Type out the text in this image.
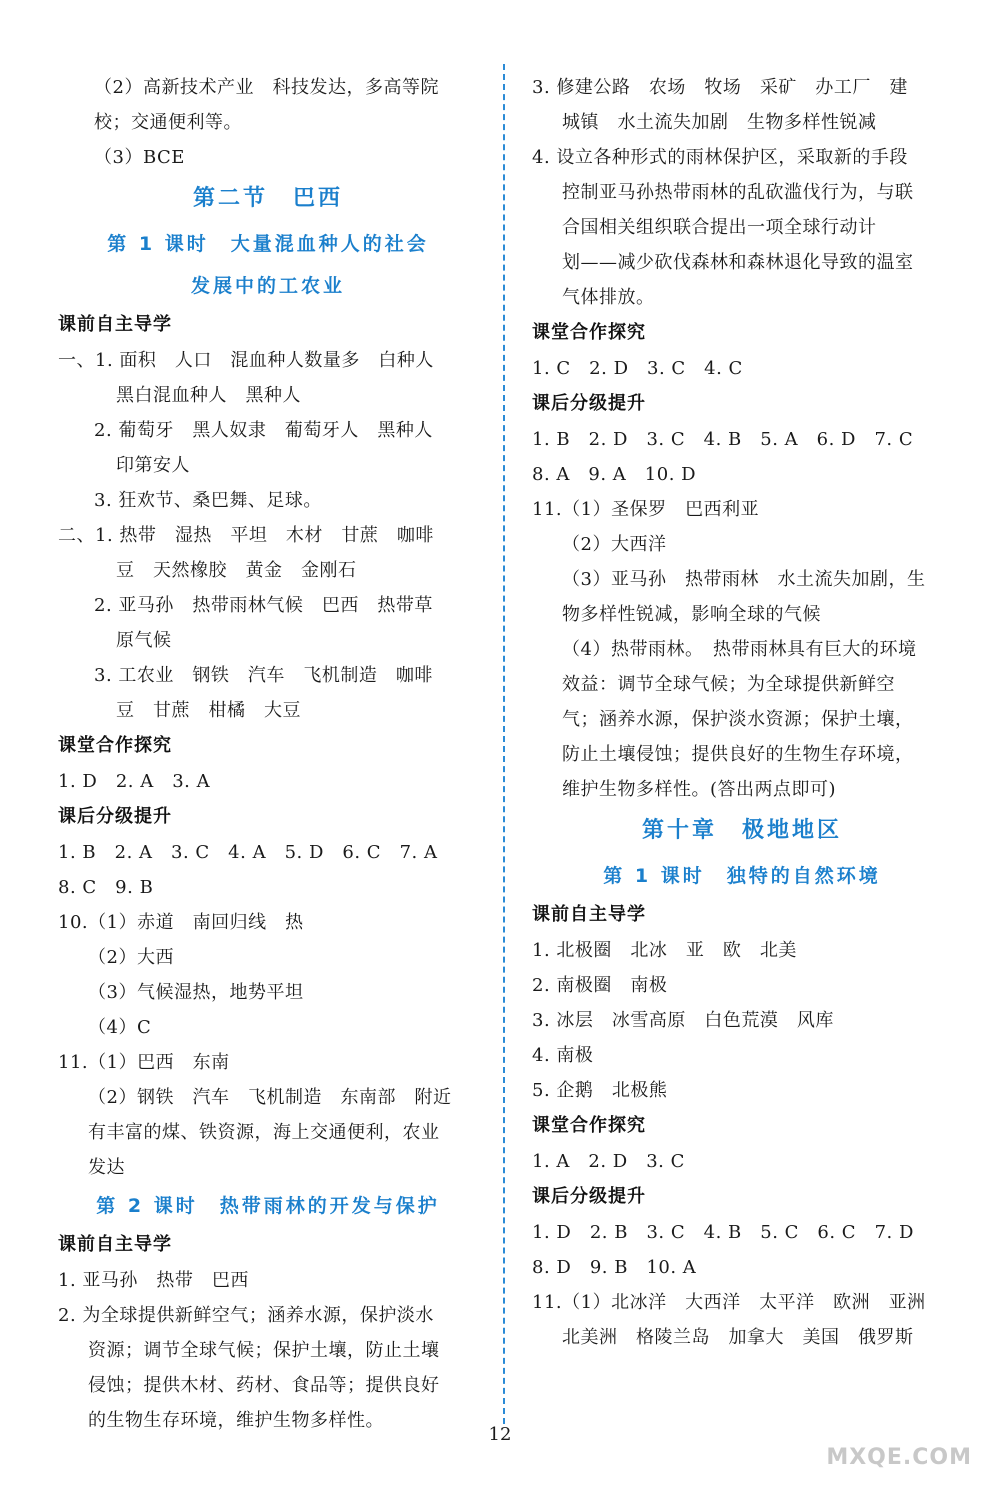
（2）高新技术产业　科技发达，多高等院
校；交通便利等。
（3）BCE
第二节　巴西
第 1 课时　大量混血种人的社会
发展中的工农业
课前自主导学
一、1. 面积　人口　混血种人数量多　白种人
黑白混血种人　黑种人
2. 葡萄牙　黑人奴隶　葡萄牙人　黑种人
印第安人
3. 狂欢节、桑巴舞、足球。
二、1. 热带　湿热　平坦　木材　甘蔗　咖啡
豆　天然橡胶　黄金　金刚石
2. 亚马孙　热带雨林气候　巴西　热带草
原气候
3. 工农业　钢铁　汽车　飞机制造　咖啡
豆　甘蔗　柑橘　大豆
课堂合作探究
1. D　2. A　3. A
课后分级提升
1. B　2. A　3. C　4. A　5. D　6. C　7. A
8. C　9. B
10.（1）赤道　南回归线　热
（2）大西
（3）气候湿热，地势平坦
（4）C
11.（1）巴西　东南
（2）钢铁　汽车　飞机制造　东南部　附近
有丰富的煤、铁资源，海上交通便利，农业
发达
第 2 课时　热带雨林的开发与保护
课前自主导学
1. 亚马孙　热带　巴西
2. 为全球提供新鲜空气；涵养水源，保护淡水
资源；调节全球气候；保护土壤，防止土壤
侵蚀；提供木材、药材、食品等；提供良好
的生物生存环境，维护生物多样性。
3. 修建公路　农场　牧场　采矿　办工厂　建
城镇　水土流失加剧　生物多样性锐减
4. 设立各种形式的雨林保护区，采取新的手段
控制亚马孙热带雨林的乱砍滥伐行为，与联
合国相关组织联合提出一项全球行动计
划——减少砍伐森林和森林退化导致的温室
气体排放。
课堂合作探究
1. C　2. D　3. C　4. C
课后分级提升
1. B　2. D　3. C　4. B　5. A　6. D　7. C
8. A　9. A　10. D
11.（1）圣保罗　巴西利亚
（2）大西洋
（3）亚马孙　热带雨林　水土流失加剧，生
物多样性锐减，影响全球的气候
（4）热带雨林。　热带雨林具有巨大的环境
效益：调节全球气候；为全球提供新鲜空
气；涵养水源，保护淡水资源；保护土壤，
防止土壤侵蚀；提供良好的生物生存环境，
维护生物多样性。(答出两点即可)
第十章　极地地区
第 1 课时　独特的自然环境
课前自主导学
1. 北极圈　北冰　亚　欧　北美
2. 南极圈　南极
3. 冰层　冰雪高原　白色荒漠　风库
4. 南极
5. 企鹅　北极熊
课堂合作探究
1. A　2. D　3. C
课后分级提升
1. D　2. B　3. C　4. B　5. C　6. C　7. D
8. D　9. B　10. A
11.（1）北冰洋　大西洋　太平洋　欧洲　亚洲
北美洲　格陵兰岛　加拿大　美国　俄罗斯
12
MXQE.COM
